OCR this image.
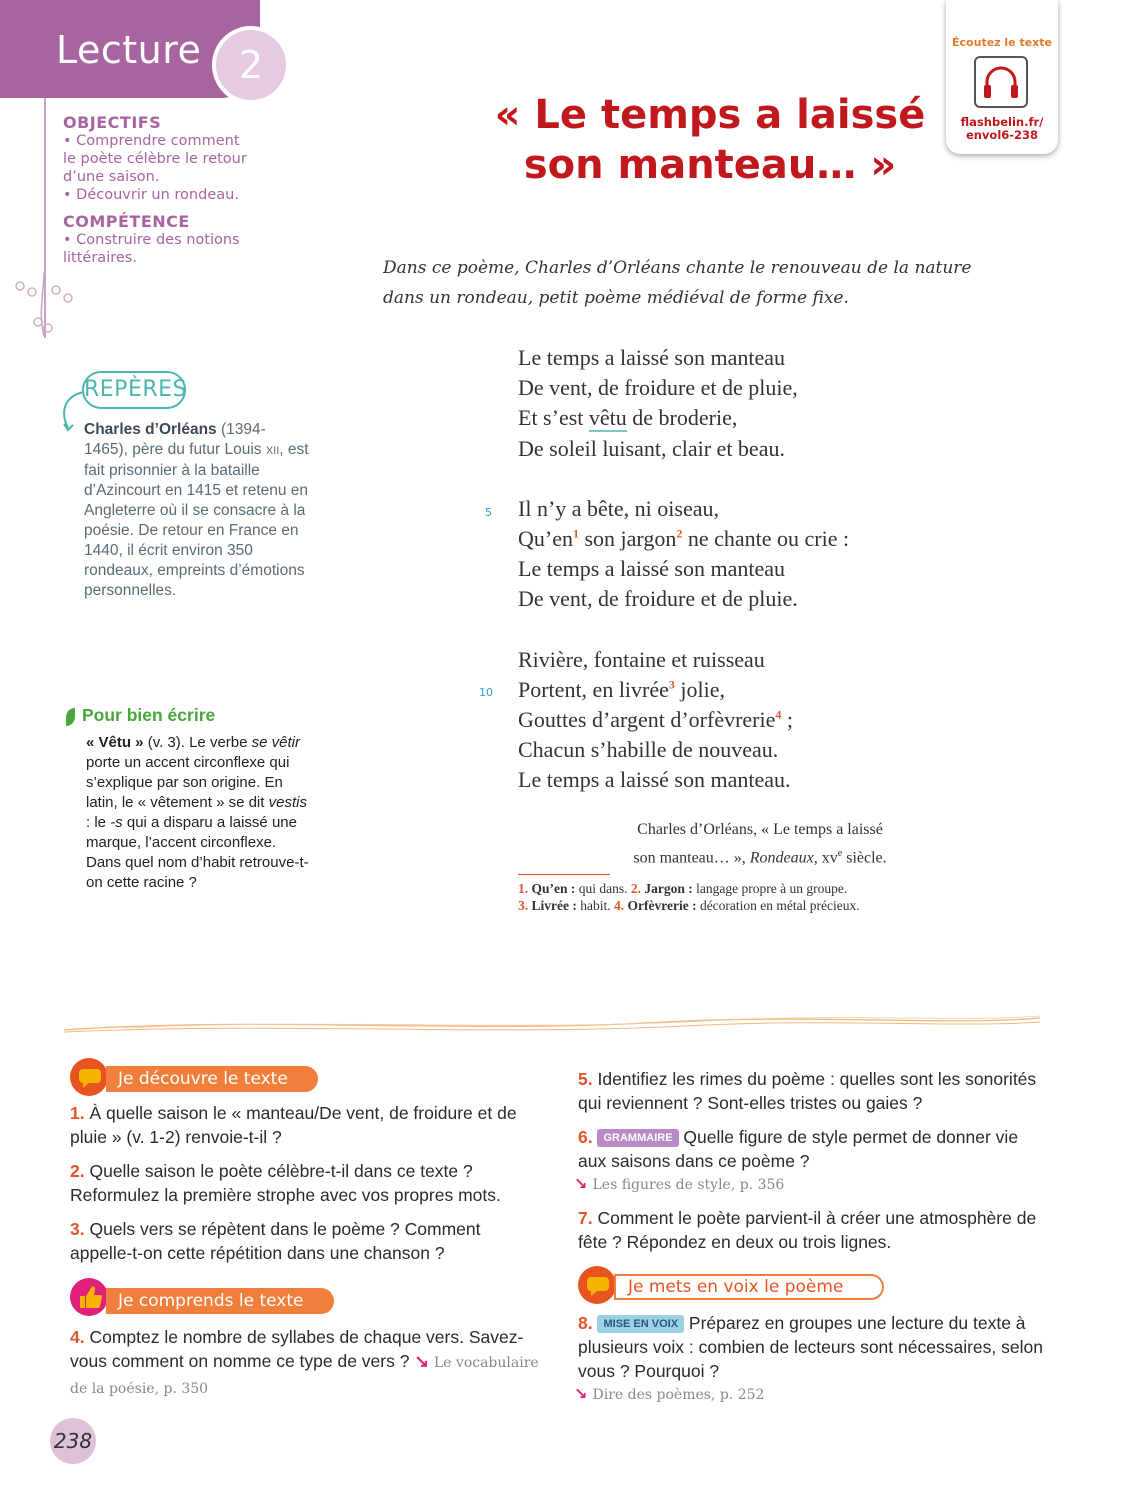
Lecture 2
OBJECTIFS
• Comprendre comment le poète célèbre le retour d’une saison.
• Découvrir un rondeau.
COMPÉTENCE
• Construire des notions littéraires.
Écoutez le texte
flashbelin.fr/
envol6-238
« Le temps a laissé
son manteau… »
Dans ce poème, Charles d’Orléans chante le renouveau de la nature
dans un rondeau, petit poème médiéval de forme fixe.
5
10
Le temps a laissé son manteau
De vent, de froidure et de pluie,
Et s’est vêtu de broderie,
De soleil luisant, clair et beau.
Il n’y a bête, ni oiseau,
$Qu’en^1$ son jargon$^2$ ne chante ou crie :
Le temps a laissé son manteau
De vent, de froidure et de pluie.
Rivière, fontaine et ruisseau
Portent, en livrée$^3$ jolie,
Gouttes d’argent d’orfèvrerie$^4$ ;
Chacun s’habille de nouveau.
Le temps a laissé son manteau.
Charles d’Orléans, « Le temps a laissé
son manteau… », Rondeaux, $xv^e$ siècle.
1. Qu’en : qui dans. 2. Jargon : langage propre à un groupe.
3. Livrée : habit. 4. Orfèvrerie : décoration en métal précieux.
REPÈRES
Charles d’Orléans (1394-1465), père du futur Louis XII, est fait prisonnier à la bataille d’Azincourt en 1415 et retenu en Angleterre où il se consacre à la poésie. De retour en France en 1440, il écrit environ 350 rondeaux, empreints d’émotions personnelles.
Pour bien écrire
« Vêtu » (v. 3). Le verbe se vêtir porte un accent circonflexe qui s’explique par son origine. En latin, le « vêtement » se dit vestis : le -s qui a disparu a laissé une marque, l’accent circonflexe. Dans quel nom d’habit retrouve-t-on cette racine ?
Je découvre le texte
1. À quelle saison le « manteau/De vent, de froidure et de pluie » (v. 1-2) renvoie-t-il ?
2. Quelle saison le poète célèbre-t-il dans ce texte ? Reformulez la première strophe avec vos propres mots.
3. Quels vers se répètent dans le poème ? Comment appelle-t-on cette répétition dans une chanson ?
Je comprends le texte
4. Comptez le nombre de syllabes de chaque vers. Savez-vous comment on nomme ce type de vers ? ↘ Le vocabulaire de la poésie, p. 350
5. Identifiez les rimes du poème : quelles sont les sonorités qui reviennent ? Sont-elles tristes ou gaies ?
6. GRAMMAIRE Quelle figure de style permet de donner vie aux saisons dans ce poème ?
↘ Les figures de style, p. 356
7. Comment le poète parvient-il à créer une atmosphère de fête ? Répondez en deux ou trois lignes.
Je mets en voix le poème
8. MISE EN VOIX Préparez en groupes une lecture du texte à plusieurs voix : combien de lecteurs sont nécessaires, selon vous ? Pourquoi ?
↘ Dire des poèmes, p. 252
238
